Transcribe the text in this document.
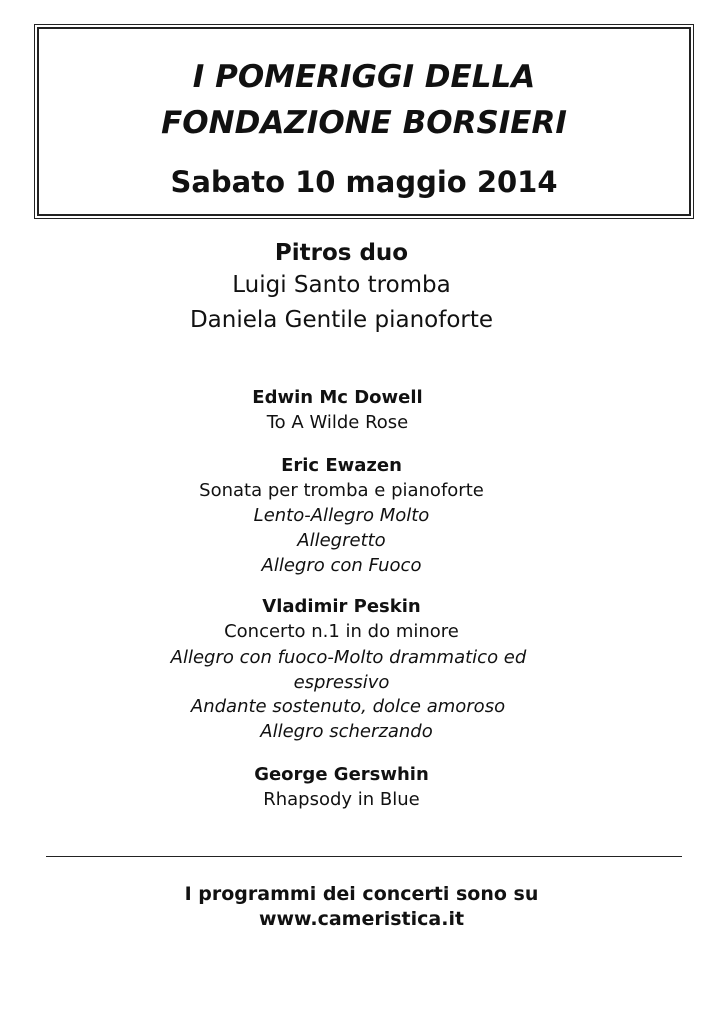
I POMERIGGI DELLA
FONDAZIONE BORSIERI
Sabato 10 maggio 2014
Pitros duo
Luigi Santo tromba
Daniela Gentile pianoforte
Edwin Mc Dowell
To A Wilde Rose
Eric Ewazen
Sonata per tromba e pianoforte
Lento-Allegro Molto
Allegretto
Allegro con Fuoco
Vladimir Peskin
Concerto n.1 in do minore
Allegro con fuoco-Molto drammatico ed
espressivo
Andante sostenuto, dolce amoroso
Allegro scherzando
George Gerswhin
Rhapsody in Blue
I programmi dei concerti sono su
www.cameristica.it
